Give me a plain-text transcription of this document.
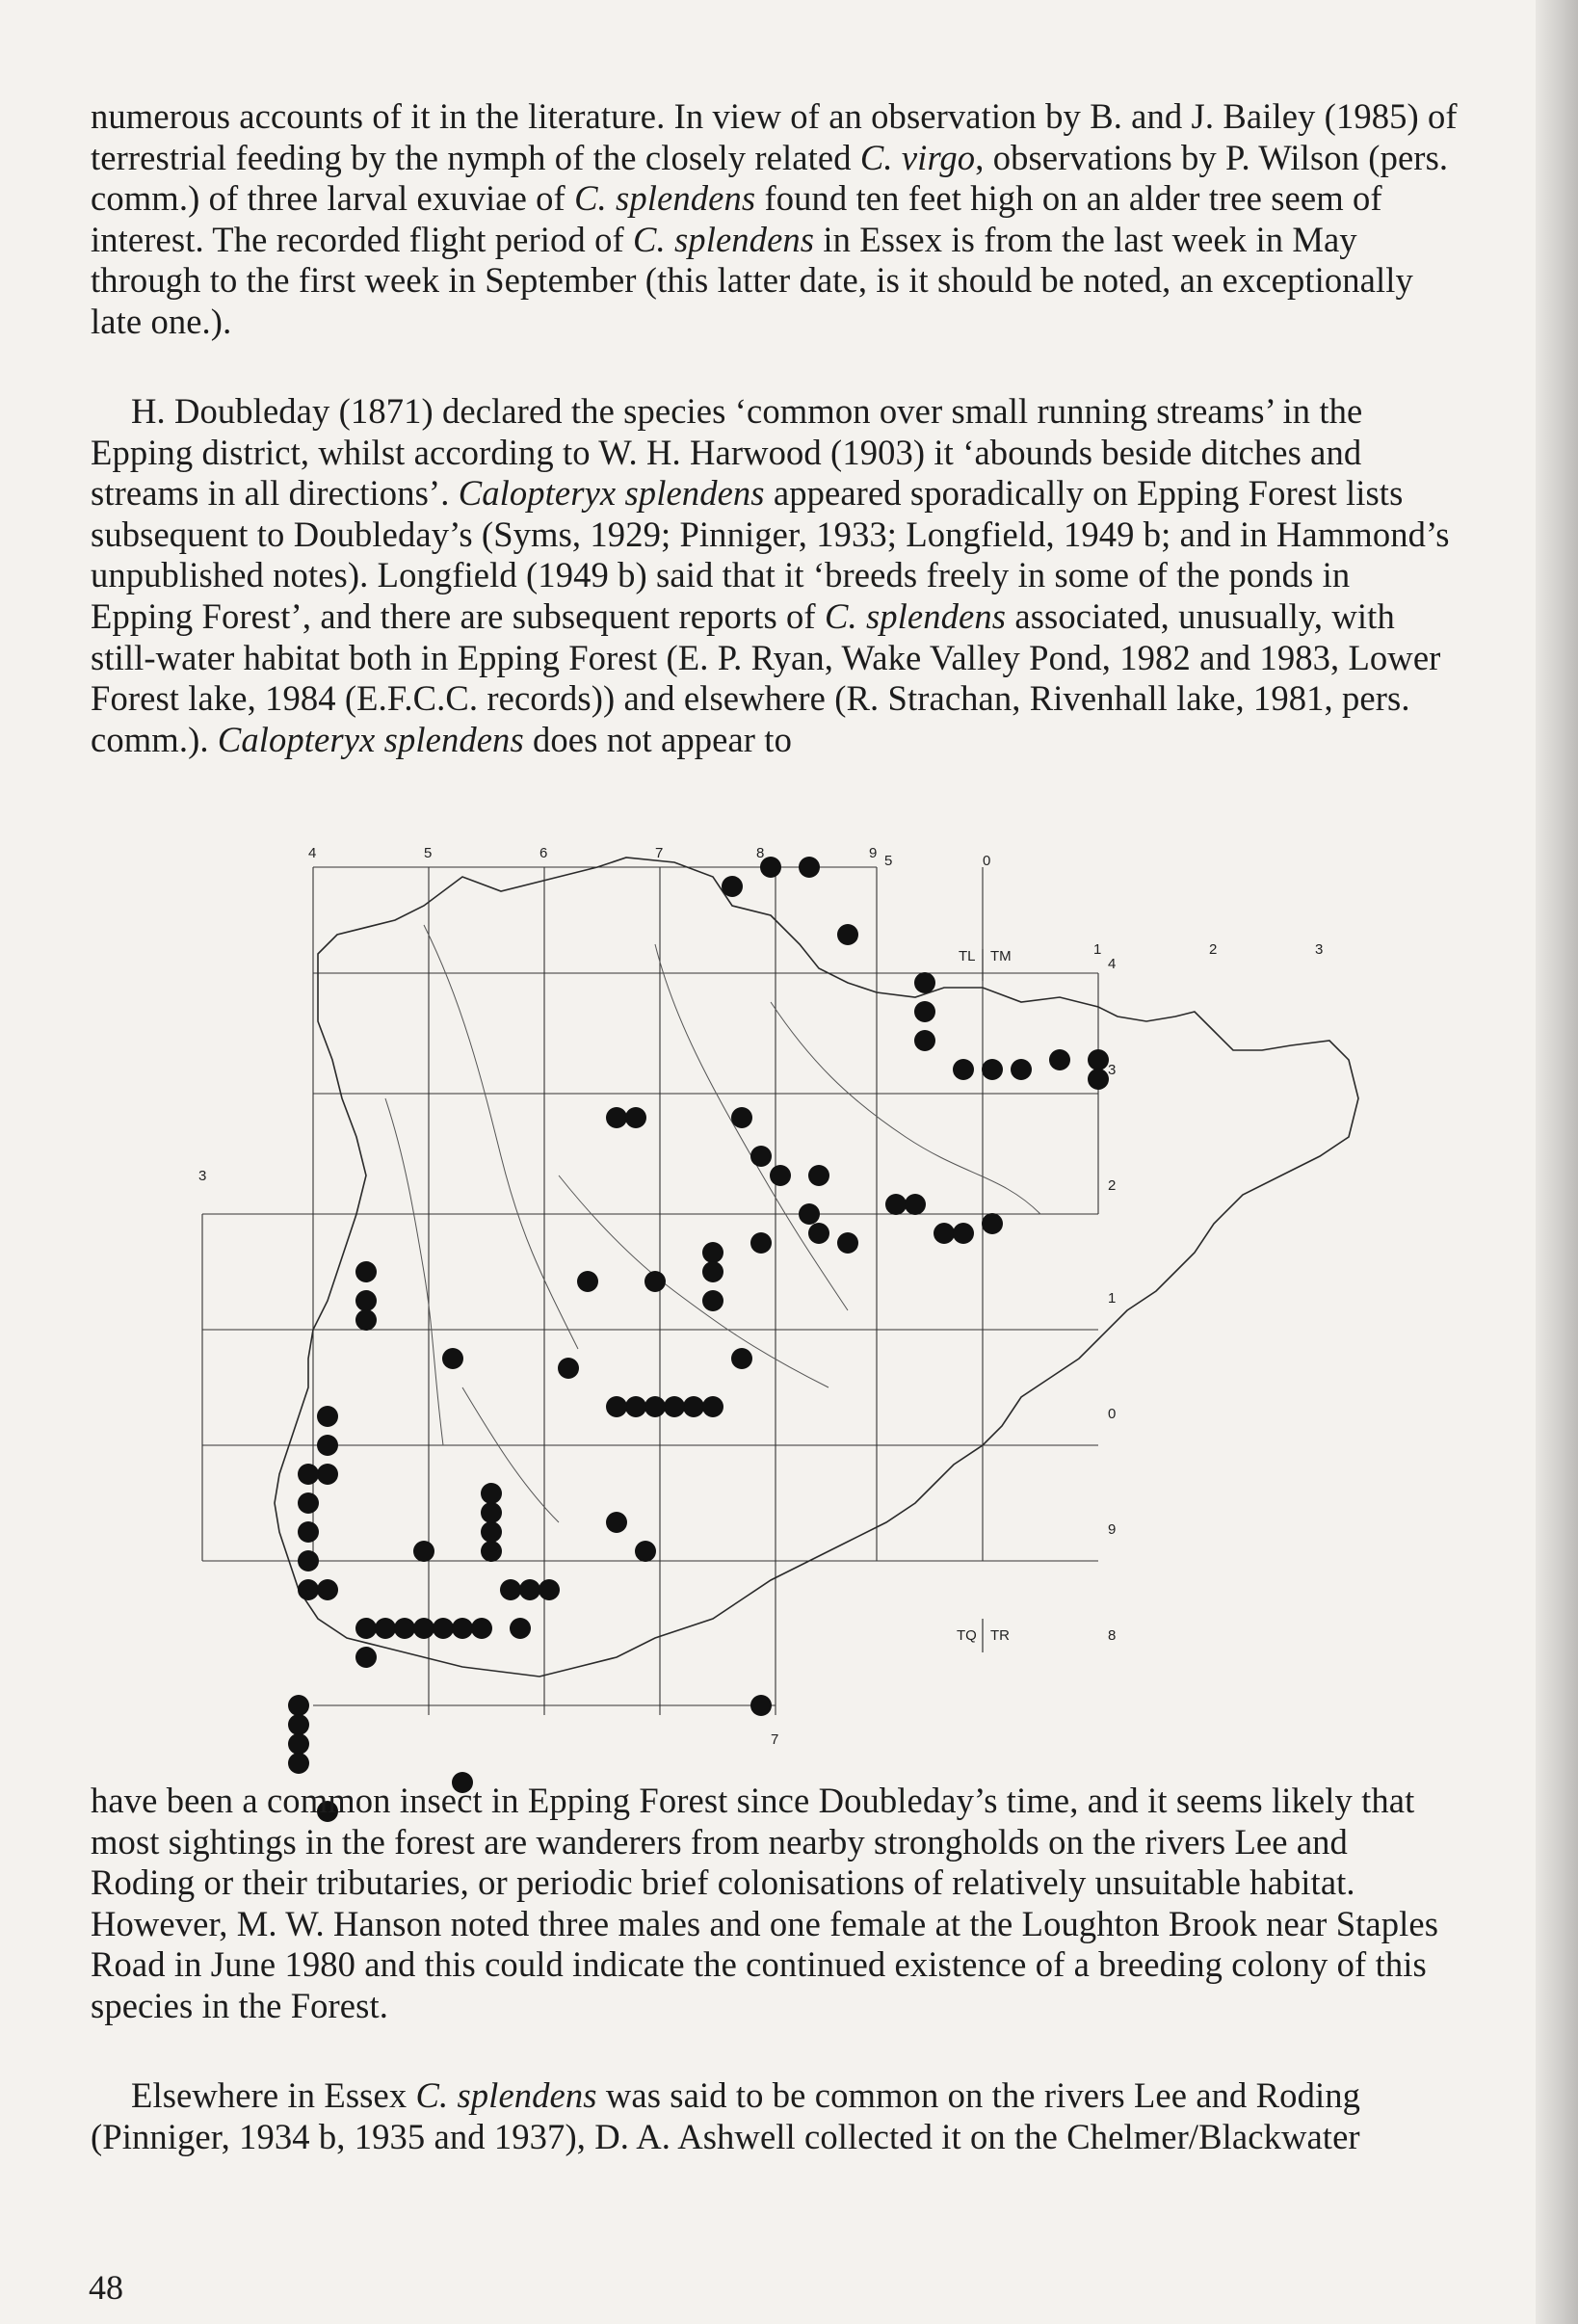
numerous accounts of it in the literature. In view of an observation by B. and J. Bailey (1985) of terrestrial feeding by the nymph of the closely related C. virgo, observations by P. Wilson (pers. comm.) of three larval exuviae of C. splendens found ten feet high on an alder tree seem of interest. The recorded flight period of C. splendens in Essex is from the last week in May through to the first week in September (this latter date, is it should be noted, an exceptionally late one.).

H. Doubleday (1871) declared the species ‘common over small running streams’ in the Epping district, whilst according to W. H. Harwood (1903) it ‘abounds beside ditches and streams in all directions’. Calopteryx splendens appeared sporadically on Epping Forest lists subsequent to Doubleday’s (Syms, 1929; Pinniger, 1933; Longfield, 1949 b; and in Hammond’s unpublished notes). Longfield (1949 b) said that it ‘breeds freely in some of the ponds in Epping Forest’, and there are subsequent reports of C. splendens associated, unusually, with still-water habitat both in Epping Forest (E. P. Ryan, Wake Valley Pond, 1982 and 1983, Lower Forest lake, 1984 (E.F.C.C. records)) and elsewhere (R. Strachan, Rivenhall lake, 1981, pers. comm.). Calopteryx splendens does not appear to

4	5	6	7	8	9 5	0
4
3
2
1
0
9
8
3
7
TL TM
TQ TR
1	2	3

have been a common insect in Epping Forest since Doubleday’s time, and it seems likely that most sightings in the forest are wanderers from nearby strongholds on the rivers Lee and Roding or their tributaries, or periodic brief colonisations of relatively unsuitable habitat. However, M. W. Hanson noted three males and one female at the Loughton Brook near Staples Road in June 1980 and this could indicate the continued existence of a breeding colony of this species in the Forest.

Elsewhere in Essex C. splendens was said to be common on the rivers Lee and Roding (Pinniger, 1934 b, 1935 and 1937), D. A. Ashwell collected it on the Chelmer/Blackwater

48
